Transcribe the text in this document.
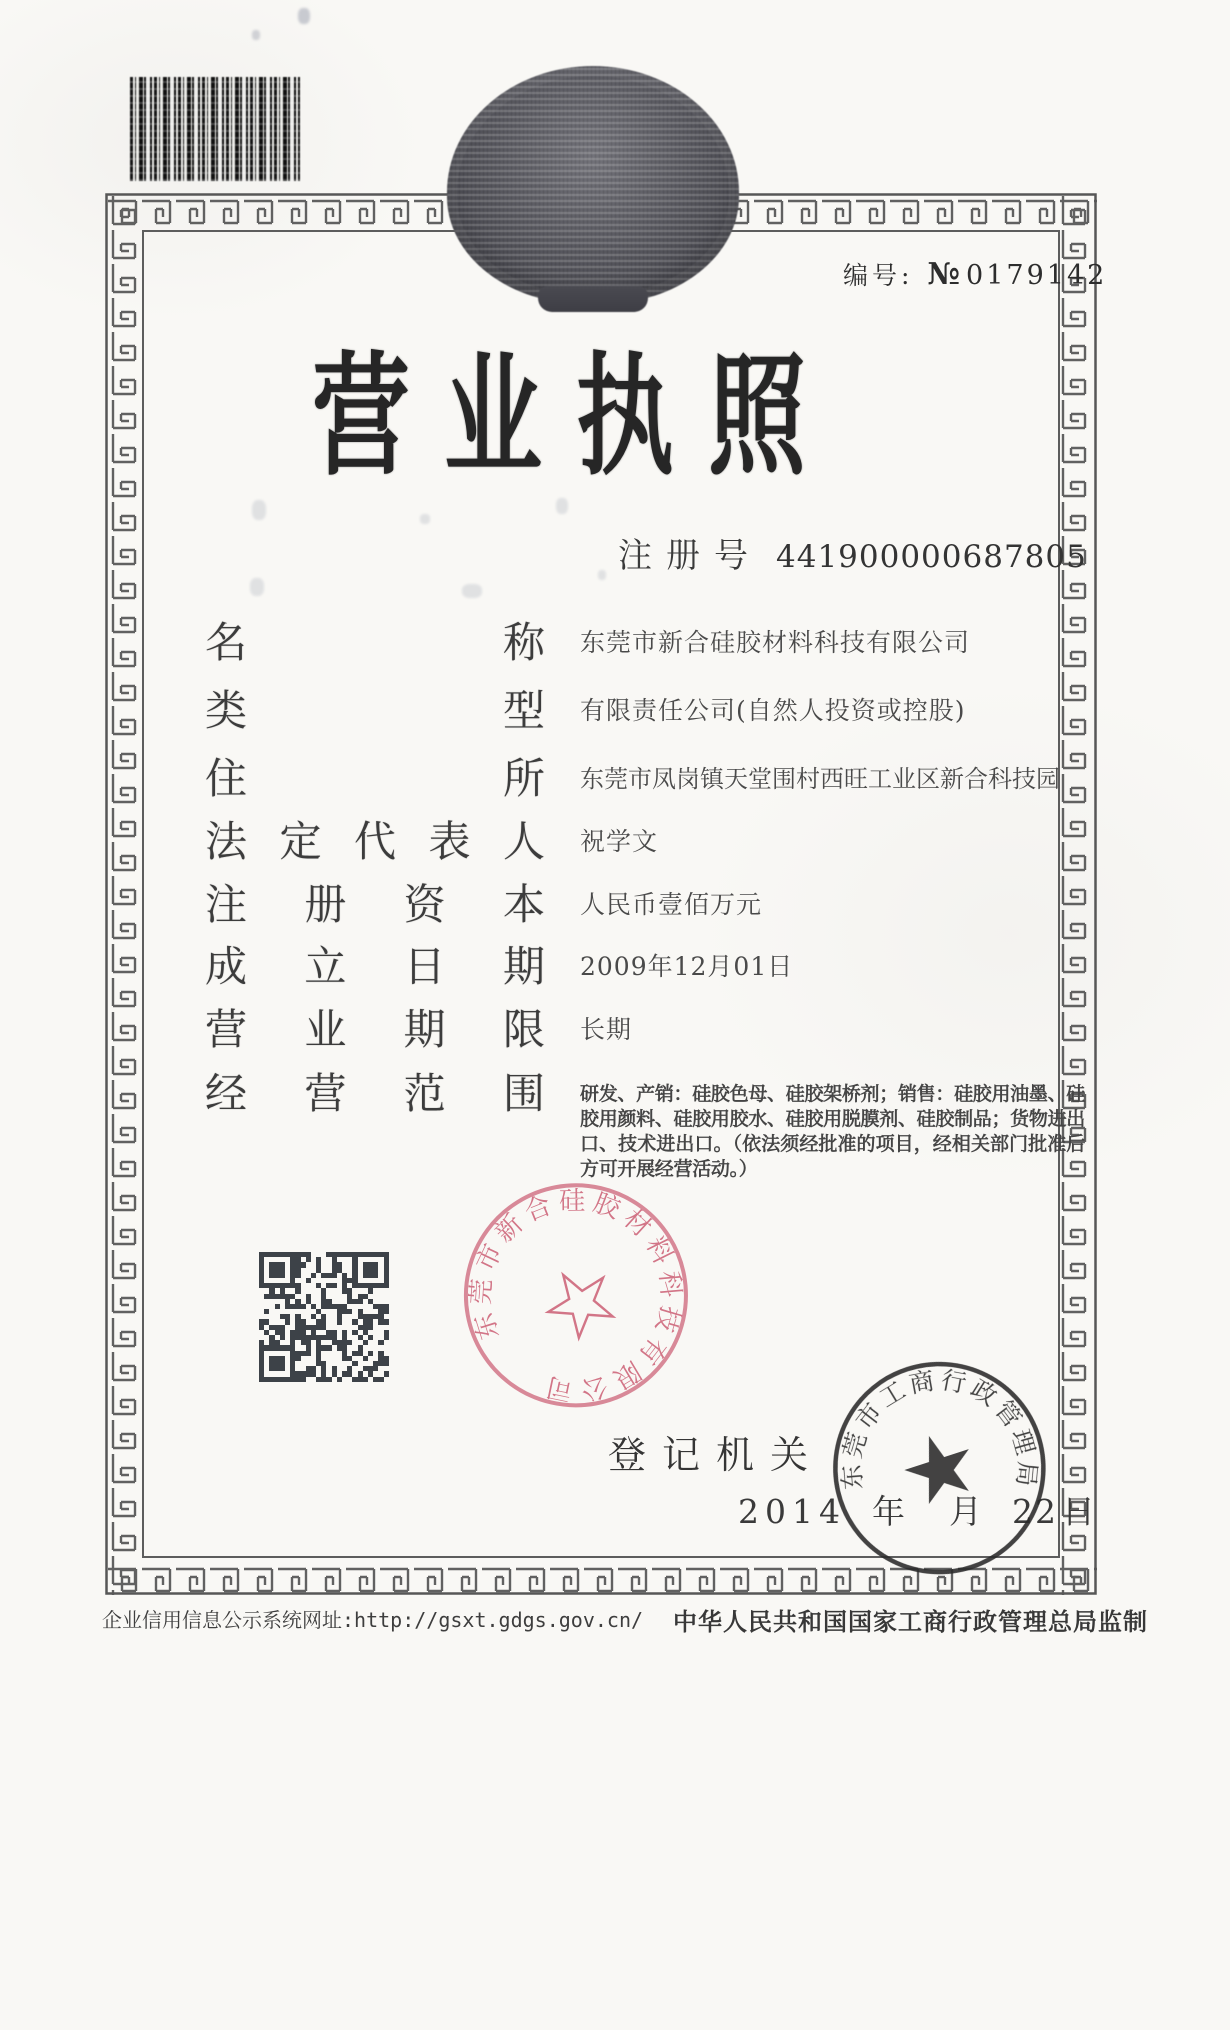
编号: № 0179142
营 业 执 照
注册号 441900000687805
名	称 东莞市新合硅胶材料科技有限公司
类	型 有限责任公司(自然人投资或控股)
住	所 东莞市凤岗镇天堂围村西旺工业区新合科技园
法 定 代 表 人 祝学文
注 册 资 本 人民币壹佰万元
成 立 日 期 2009年12月01日
营 业 期 限 长期
经 营 范 围 研发、产销：硅胶色母、硅胶架桥剂；销售：硅胶用油墨、硅胶用颜料、硅胶用胶水、硅胶用脱膜剂、硅胶制品；货物进出口、技术进出口。（依法须经批准的项目，经相关部门批准后方可开展经营活动。）
东莞市新合硅胶材料科技有限公司
登记机关
2014 年 月 22 日
东莞市工商行政管理局
企业信用信息公示系统网址:http://gsxt.gdgs.gov.cn/ 中华人民共和国国家工商行政管理总局监制
